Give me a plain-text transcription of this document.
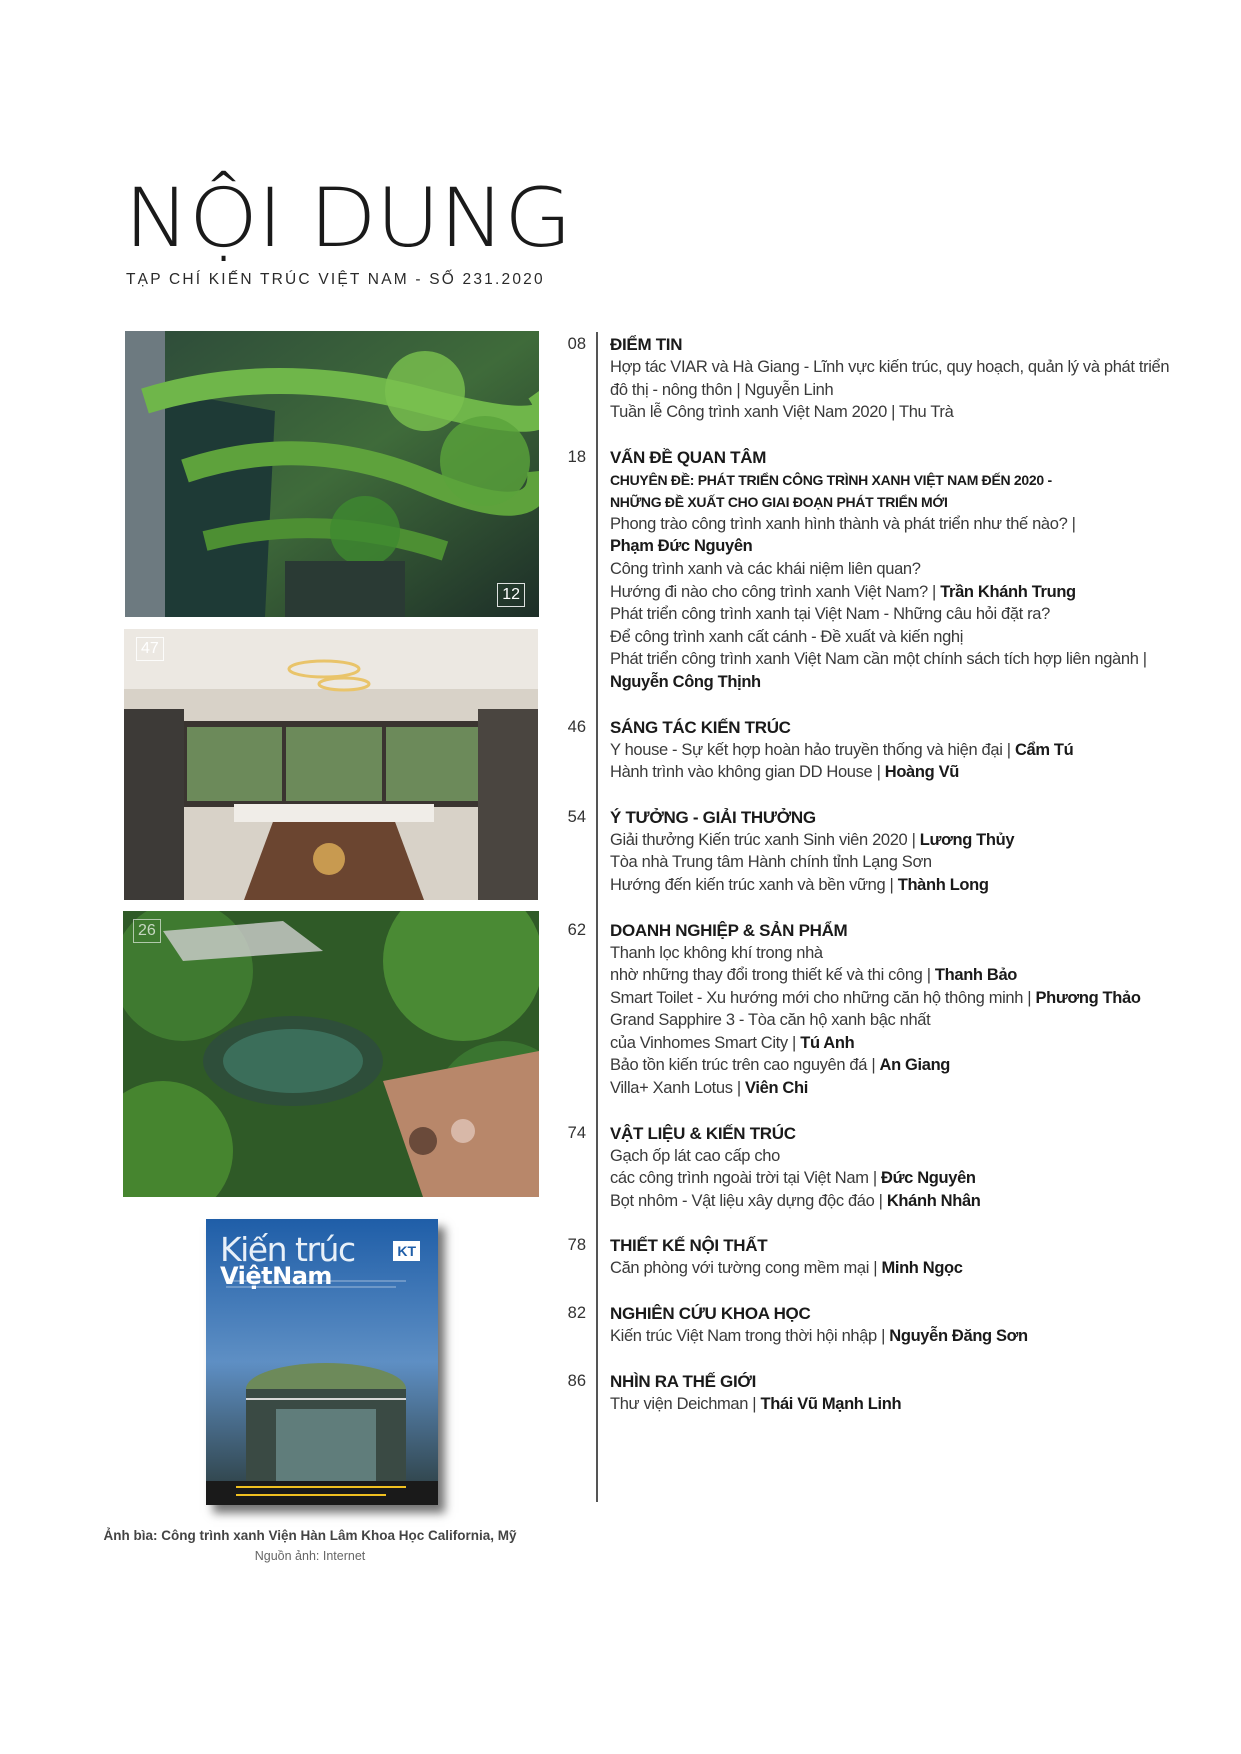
NỘI DUNG
TẠP CHÍ KIẾN TRÚC VIỆT NAM - SỐ 231.2020
12
47
26
Kiến trúc
ViệtNam
KT
Ảnh bìa: Công trình xanh Viện Hàn Lâm Khoa Học California, Mỹ
Nguồn ảnh: Internet
08 ĐIỂM TIN
Hợp tác VIAR và Hà Giang - Lĩnh vực kiến trúc, quy hoạch, quản lý và phát triển
đô thị - nông thôn | Nguyễn Linh
Tuần lễ Công trình xanh Việt Nam 2020 | Thu Trà
18 VẤN ĐỀ QUAN TÂM
CHUYÊN ĐỀ: PHÁT TRIỂN CÔNG TRÌNH XANH VIỆT NAM ĐẾN 2020 -
NHỮNG ĐỀ XUẤT CHO GIAI ĐOẠN PHÁT TRIỂN MỚI
Phong trào công trình xanh hình thành và phát triển như thế nào? |
Phạm Đức Nguyên
Công trình xanh và các khái niệm liên quan?
Hướng đi nào cho công trình xanh Việt Nam? | Trần Khánh Trung
Phát triển công trình xanh tại Việt Nam - Những câu hỏi đặt ra?
Để công trình xanh cất cánh - Đề xuất và kiến nghị
Phát triển công trình xanh Việt Nam cần một chính sách tích hợp liên ngành |
Nguyễn Công Thịnh
46 SÁNG TÁC KIẾN TRÚC
Y house - Sự kết hợp hoàn hảo truyền thống và hiện đại | Cẩm Tú
Hành trình vào không gian DD House | Hoàng Vũ
54 Ý TƯỞNG - GIẢI THƯỞNG
Giải thưởng Kiến trúc xanh Sinh viên 2020 | Lương Thủy
Tòa nhà Trung tâm Hành chính tỉnh Lạng Sơn
Hướng đến kiến trúc xanh và bền vững | Thành Long
62 DOANH NGHIỆP & SẢN PHẨM
Thanh lọc không khí trong nhà
nhờ những thay đổi trong thiết kế và thi công | Thanh Bảo
Smart Toilet - Xu hướng mới cho những căn hộ thông minh | Phương Thảo
Grand Sapphire 3 - Tòa căn hộ xanh bậc nhất
của Vinhomes Smart City | Tú Anh
Bảo tồn kiến trúc trên cao nguyên đá | An Giang
Villa+ Xanh Lotus | Viên Chi
74 VẬT LIỆU & KIẾN TRÚC
Gạch ốp lát cao cấp cho
các công trình ngoài trời tại Việt Nam | Đức Nguyên
Bọt nhôm - Vật liệu xây dựng độc đáo | Khánh Nhân
78 THIẾT KẾ NỘI THẤT
Căn phòng với tường cong mềm mại | Minh Ngọc
82 NGHIÊN CỨU KHOA HỌC
Kiến trúc Việt Nam trong thời hội nhập | Nguyễn Đăng Sơn
86 NHÌN RA THẾ GIỚI
Thư viện Deichman | Thái Vũ Mạnh Linh
